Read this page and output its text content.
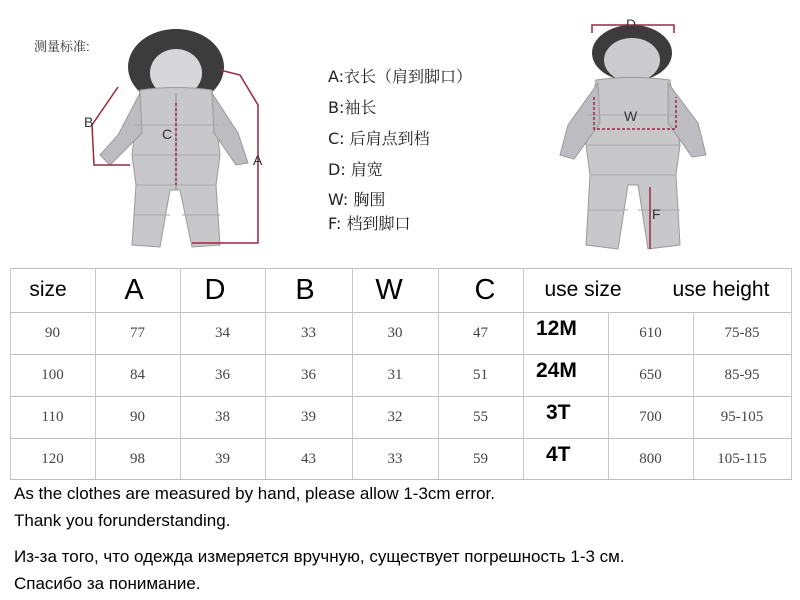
测量标准:
A
B
C
A:衣长（肩到脚口）
B:袖长
C: 后肩点到档
D: 肩宽
W: 胸围
F: 档到脚口
D
W
F
size	A	D	B	W	C	use size	use height
90	77	34	33	30	47	12M	610	75-85
100	84	36	36	31	51	24M	650	85-95
110	90	38	39	32	55	3T	700	95-105
120	98	39	43	33	59	4T	800	105-115
As the clothes are measured by hand, please allow 1-3cm error.
Thank you forunderstanding.
Из-за того, что одежда измеряется вручную, существует погрешность 1-3 см.
Спасибо за понимание.
